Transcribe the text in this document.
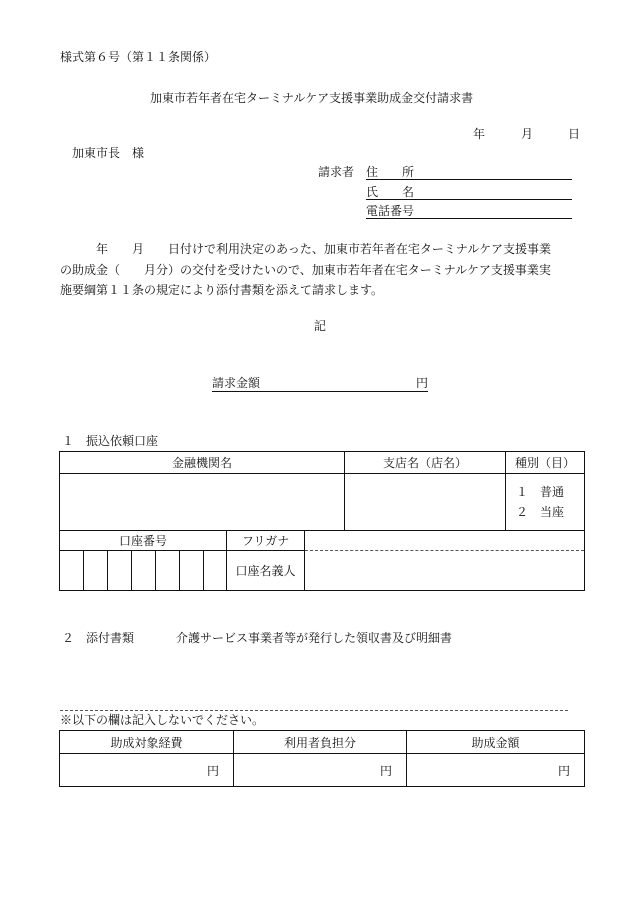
様式第６号（第１１条関係）
加東市若年者在宅ターミナルケア支援事業助成金交付請求書
年	月	日
加東市長　様
請求者 住　　所
氏　　名
電話番号
年　　月　　日付けで利用決定のあった、加東市若年者在宅ターミナルケア支援事業
の助成金（　　月分）の交付を受けたいので、加東市若年者在宅ターミナルケア支援事業実
施要綱第１１条の規定により添付書類を添えて請求します。
記
請求金額	円
１　振込依頼口座
金融機関名	支店名（店名）	種別（目）

		１　普通
２　当座
口座番号							フリガナ	
							口座名義人	
２　添付書類	介護サービス事業者等が発行した領収書及び明細書
※以下の欄は記入しないでください。
助成対象経費	利用者負担分	助成金額
円	円	円
